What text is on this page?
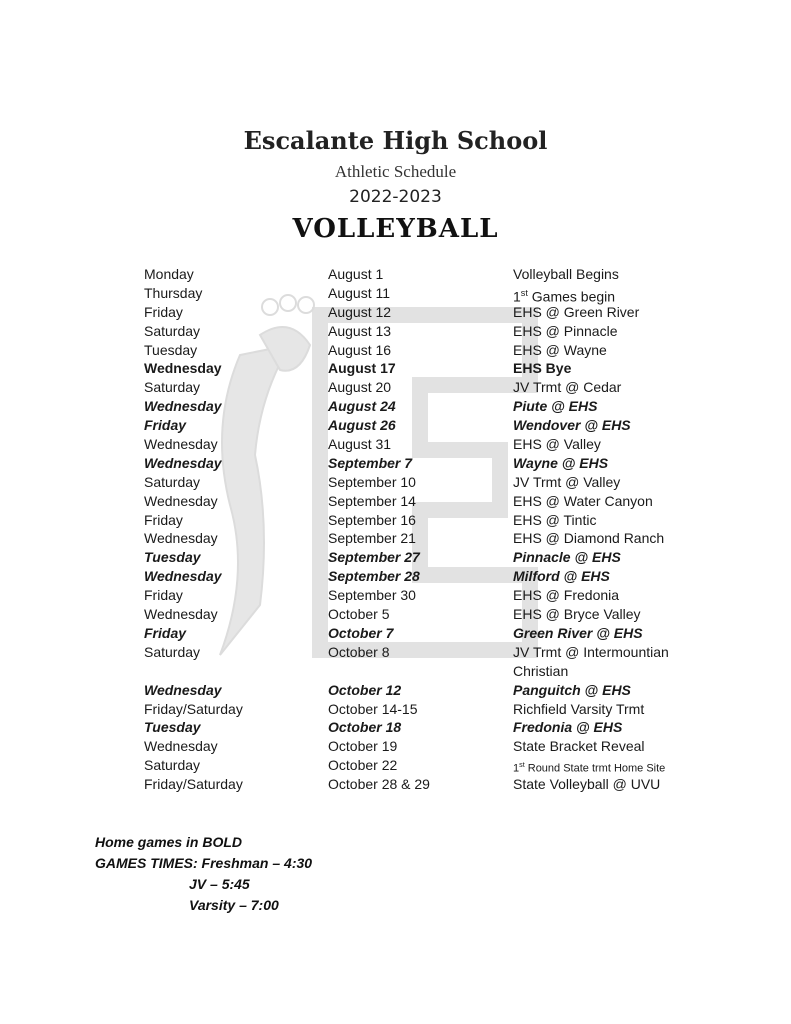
Escalante High School
Athletic Schedule
2022-2023
VOLLEYBALL
Monday	August 1	Volleyball Begins
Thursday	August 11	1st Games begin
Friday	August 12	EHS @ Green River
Saturday	August 13	EHS @ Pinnacle
Tuesday	August 16	EHS @ Wayne
Wednesday	August 17	EHS Bye
Saturday	August 20	JV Trmt @ Cedar
Wednesday	August 24	Piute @ EHS
Friday	August 26	Wendover @ EHS
Wednesday	August 31	EHS @ Valley
Wednesday	September 7	Wayne @ EHS
Saturday	September 10	JV Trmt @ Valley
Wednesday	September 14	EHS @ Water Canyon
Friday	September 16	EHS @ Tintic
Wednesday	September 21	EHS @ Diamond Ranch
Tuesday	September 27	Pinnacle @ EHS
Wednesday	September 28	Milford @ EHS
Friday	September 30	EHS @ Fredonia
Wednesday	October 5	EHS @ Bryce Valley
Friday	October 7	Green River @ EHS
Saturday	October 8	JV Trmt @ Intermountian Christian
Wednesday	October 12	Panguitch @ EHS
Friday/Saturday	October 14-15	Richfield Varsity Trmt
Tuesday	October 18	Fredonia @ EHS
Wednesday	October 19	State Bracket Reveal
Saturday	October 22	1st Round State trmt Home Site
Friday/Saturday	October 28 & 29	State Volleyball @ UVU
Home games in BOLD
GAMES TIMES: Freshman – 4:30
JV – 5:45
Varsity – 7:00
